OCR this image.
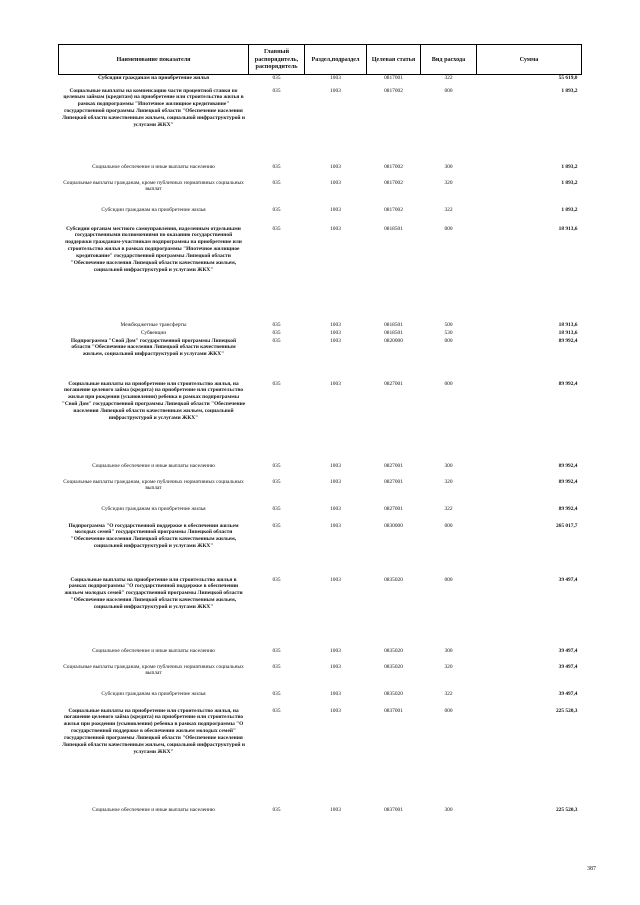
Наименование показателя	Главный распорядитель, распорядитель	Раздел,подраздел	Целевая статья	Вид расхода	Сумма
Субсидии гражданам на приобретение жилья	035	1003	0817001	322	55 619,0
Социальные выплаты на компенсацию части процентной ставки по целевым займам (кредитам) на приобретение или строительство жилья в рамках подпрограммы "Ипотечное жилищное кредитование" государственной программы Липецкой области "Обеспечение населения Липецкой области качественным жильем, социальной инфраструктурой и услугами ЖКХ"	035	1003	0817002	000	1 893,2
Социальное обеспечение и иные выплаты населению	035	1003	0817002	300	1 893,2
Социальные выплаты гражданам, кроме публичных нормативных социальных выплат	035	1003	0817002	320	1 893,2
Субсидии гражданам на приобретение жилья	035	1003	0817002	322	1 893,2
Субсидии органам местного самоуправления, наделенным отдельными государственными полномочиями по оказанию государственной поддержки гражданам-участникам подпрограммы на приобретение или строительство жилья в рамках подпрограммы "Ипотечное жилищное кредитование" государственной программы Липецкой области "Обеспечение населения Липецкой области качественным жильем, социальной инфраструктурой и услугами ЖКХ"	035	1003	0818501	000	18 913,6
Межбюджетные трансферты	035	1003	0818501	500	18 913,6
Субвенции	035	1003	0818501	530	18 913,6
Подпрограмма "Свой Дом" государственной программы Липецкой области "Обеспечение населения Липецкой области качественным жильем, социальной инфраструктурой и услугами ЖКХ"	035	1003	0820000	000	89 992,4
Социальные выплаты на приобретение или строительство жилья, на погашение целевого займа (кредита) на приобретение или строительство жилья при рождении (усыновлении) ребенка в рамках подпрограммы "Свой Дом" государственной программы Липецкой области "Обеспечение населения Липецкой области качественным жильем, социальной инфраструктурой и услугами ЖКХ"	035	1003	0827001	000	89 992,4
Социальное обеспечение и иные выплаты населению	035	1003	0827001	300	89 992,4
Социальные выплаты гражданам, кроме публичных нормативных социальных выплат	035	1003	0827001	320	89 992,4
Субсидии гражданам на приобретение жилья	035	1003	0827001	322	89 992,4
Подпрограмма "О государственной поддержке в обеспечении жильем молодых семей" государственной программы Липецкой области "Обеспечение населения Липецкой области качественным жильем, социальной инфраструктурой и услугами ЖКХ"	035	1003	0830000	000	265 017,7
Социальные выплаты на приобретение или строительство жилья в рамках подпрограммы "О государственной поддержке в обеспечении жильем молодых семей" государственной программы Липецкой области "Обеспечение населения Липецкой области качественным жильем, социальной инфраструктурой и услугами ЖКХ"	035	1003	0835020	000	39 497,4
Социальное обеспечение и иные выплаты населению	035	1003	0835020	300	39 497,4
Социальные выплаты гражданам, кроме публичных нормативных социальных выплат	035	1003	0835020	320	39 497,4
Субсидии гражданам на приобретение жилья	035	1003	0835020	322	39 497,4
Социальные выплаты на приобретение или строительство жилья, на погашение целевого займа (кредита) на приобретение или строительство жилья при рождении (усыновлении) ребенка в рамках подпрограммы "О государственной поддержке в обеспечении жильем молодых семей" государственной программы Липецкой области "Обеспечение населения Липецкой области качественным жильем, социальной инфраструктурой и услугами ЖКХ"	035	1003	0837001	000	225 520,3
Социальное обеспечение и иные выплаты населению	035	1003	0837001	300	225 520,3
387
